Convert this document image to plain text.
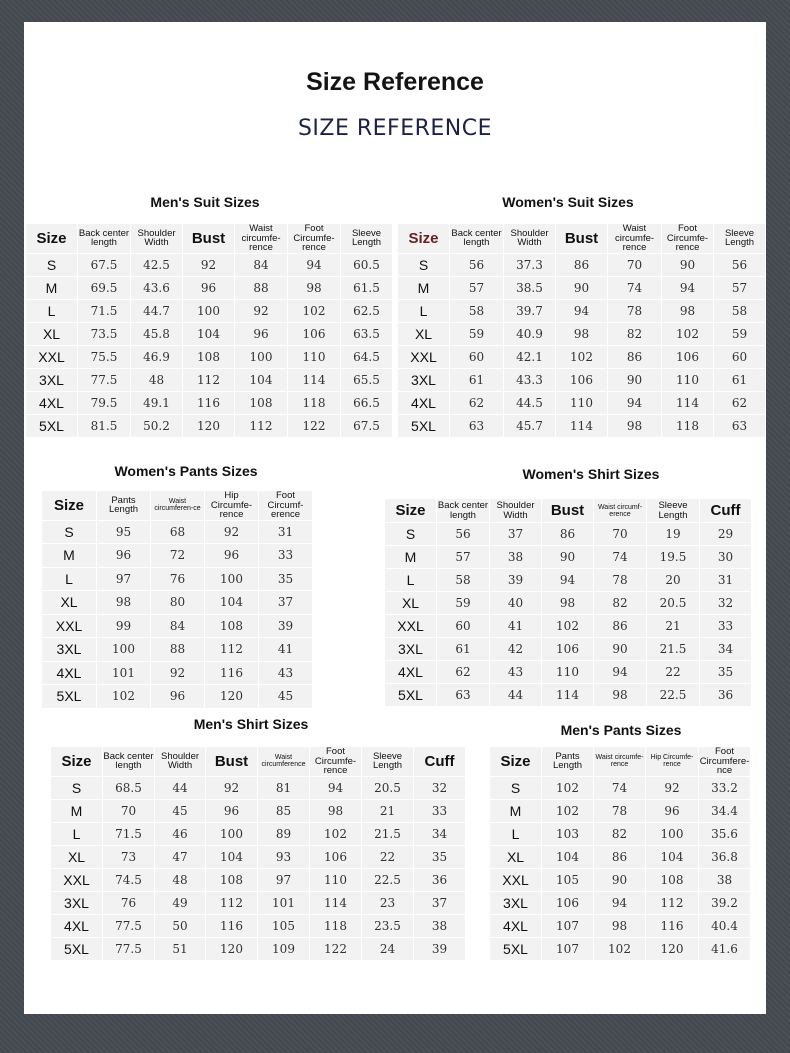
Size Reference
SIZE REFERENCE
Men's Suit Sizes
Size	Back center length	Shoulder Width	Bust	Waist circumfe-rence	Foot Circumfe-rence	Sleeve Length
S	67.5	42.5	92	84	94	60.5
M	69.5	43.6	96	88	98	61.5
L	71.5	44.7	100	92	102	62.5
XL	73.5	45.8	104	96	106	63.5
XXL	75.5	46.9	108	100	110	64.5
3XL	77.5	48	112	104	114	65.5
4XL	79.5	49.1	116	108	118	66.5
5XL	81.5	50.2	120	112	122	67.5
Women's Suit Sizes
Size	Back center length	Shoulder Width	Bust	Waist circumfe-rence	Foot Circumfe-rence	Sleeve Length
S	56	37.3	86	70	90	56
M	57	38.5	90	74	94	57
L	58	39.7	94	78	98	58
XL	59	40.9	98	82	102	59
XXL	60	42.1	102	86	106	60
3XL	61	43.3	106	90	110	61
4XL	62	44.5	110	94	114	62
5XL	63	45.7	114	98	118	63
Women's Pants Sizes
Size	Pants Length	Waist circumferen-ce	Hip Circumfe-rence	Foot Circumf-erence
S	95	68	92	31
M	96	72	96	33
L	97	76	100	35
XL	98	80	104	37
XXL	99	84	108	39
3XL	100	88	112	41
4XL	101	92	116	43
5XL	102	96	120	45
Women's Shirt Sizes
Size	Back center length	Shoulder Width	Bust	Waist circumf-erence	Sleeve Length	Cuff
S	56	37	86	70	19	29
M	57	38	90	74	19.5	30
L	58	39	94	78	20	31
XL	59	40	98	82	20.5	32
XXL	60	41	102	86	21	33
3XL	61	42	106	90	21.5	34
4XL	62	43	110	94	22	35
5XL	63	44	114	98	22.5	36
Men's Shirt Sizes
Size	Back center length	Shoulder Width	Bust	Waist circumference	Foot Circumfe-rence	Sleeve Length	Cuff
S	68.5	44	92	81	94	20.5	32
M	70	45	96	85	98	21	33
L	71.5	46	100	89	102	21.5	34
XL	73	47	104	93	106	22	35
XXL	74.5	48	108	97	110	22.5	36
3XL	76	49	112	101	114	23	37
4XL	77.5	50	116	105	118	23.5	38
5XL	77.5	51	120	109	122	24	39
Men's Pants Sizes
Size	Pants Length	Waist circumfe-rence	Hip Circumfe-rence	Foot Circumfere-nce
S	102	74	92	33.2
M	102	78	96	34.4
L	103	82	100	35.6
XL	104	86	104	36.8
XXL	105	90	108	38
3XL	106	94	112	39.2
4XL	107	98	116	40.4
5XL	107	102	120	41.6
